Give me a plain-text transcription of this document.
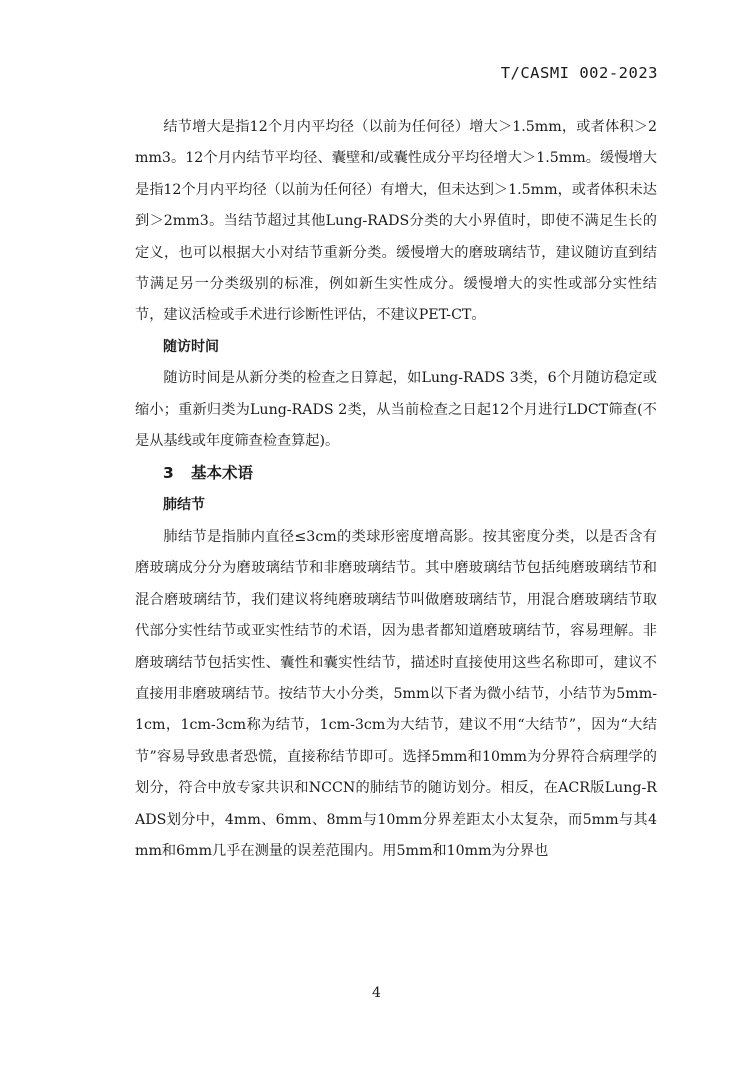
T/CASMI 002-2023

结节增大是指12个月内平均径（以前为任何径）增大＞1.5mm，或者体积＞2mm3。12个月内结节平均径、囊壁和/或囊性成分平均径增大＞1.5mm。缓慢增大是指12个月内平均径（以前为任何径）有增大，但未达到＞1.5mm，或者体积未达到＞2mm3。当结节超过其他Lung-RADS分类的大小界值时，即使不满足生长的定义，也可以根据大小对结节重新分类。缓慢增大的磨玻璃结节，建议随访直到结节满足另一分类级别的标准，例如新生实性成分。缓慢增大的实性或部分实性结节，建议活检或手术进行诊断性评估，不建议PET-CT。

随访时间

随访时间是从新分类的检查之日算起，如Lung-RADS 3类，6个月随访稳定或缩小；重新归类为Lung-RADS 2类，从当前检查之日起12个月进行LDCT筛查(不是从基线或年度筛查检查算起)。

3 基本术语

肺结节

肺结节是指肺内直径≤3cm的类球形密度增高影。按其密度分类，以是否含有磨玻璃成分分为磨玻璃结节和非磨玻璃结节。其中磨玻璃结节包括纯磨玻璃结节和混合磨玻璃结节，我们建议将纯磨玻璃结节叫做磨玻璃结节，用混合磨玻璃结节取代部分实性结节或亚实性结节的术语，因为患者都知道磨玻璃结节，容易理解。非磨玻璃结节包括实性、囊性和囊实性结节，描述时直接使用这些名称即可，建议不直接用非磨玻璃结节。按结节大小分类，5mm以下者为微小结节，小结节为5mm-1cm，1cm-3cm称为结节，1cm-3cm为大结节，建议不用“大结节”，因为“大结节”容易导致患者恐慌，直接称结节即可。选择5mm和10mm为分界符合病理学的划分，符合中放专家共识和NCCN的肺结节的随访划分。相反，在ACR版Lung-RADS划分中，4mm、6mm、8mm与10mm分界差距太小太复杂，而5mm与其4mm和6mm几乎在测量的误差范围内。用5mm和10mm为分界也

4
